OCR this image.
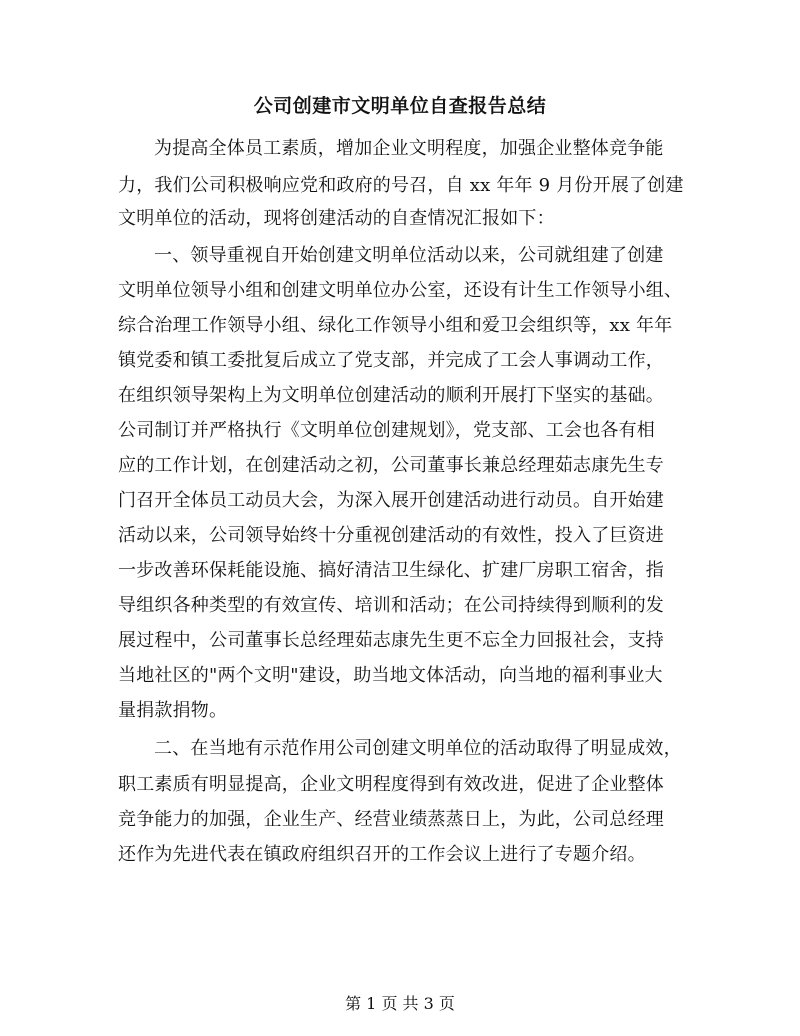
公司创建市文明单位自查报告总结
为提高全体员工素质，增加企业文明程度，加强企业整体竞争能
力，我们公司积极响应党和政府的号召，自 xx 年年 9 月份开展了创建
文明单位的活动，现将创建活动的自查情况汇报如下：
一、领导重视自开始创建文明单位活动以来，公司就组建了创建
文明单位领导小组和创建文明单位办公室，还设有计生工作领导小组、
综合治理工作领导小组、绿化工作领导小组和爱卫会组织等，xx 年年
镇党委和镇工委批复后成立了党支部，并完成了工会人事调动工作，
在组织领导架构上为文明单位创建活动的顺利开展打下坚实的基础。
公司制订并严格执行《文明单位创建规划》，党支部、工会也各有相
应的工作计划，在创建活动之初，公司董事长兼总经理茹志康先生专
门召开全体员工动员大会，为深入展开创建活动进行动员。自开始建
活动以来，公司领导始终十分重视创建活动的有效性，投入了巨资进
一步改善环保耗能设施、搞好清洁卫生绿化、扩建厂房职工宿舍，指
导组织各种类型的有效宣传、培训和活动；在公司持续得到顺利的发
展过程中，公司董事长总经理茹志康先生更不忘全力回报社会，支持
当地社区的"两个文明"建设，助当地文体活动，向当地的福利事业大
量捐款捐物。
二、在当地有示范作用公司创建文明单位的活动取得了明显成效，
职工素质有明显提高，企业文明程度得到有效改进，促进了企业整体
竞争能力的加强，企业生产、经营业绩蒸蒸日上，为此，公司总经理
还作为先进代表在镇政府组织召开的工作会议上进行了专题介绍。
第 1 页 共 3 页
